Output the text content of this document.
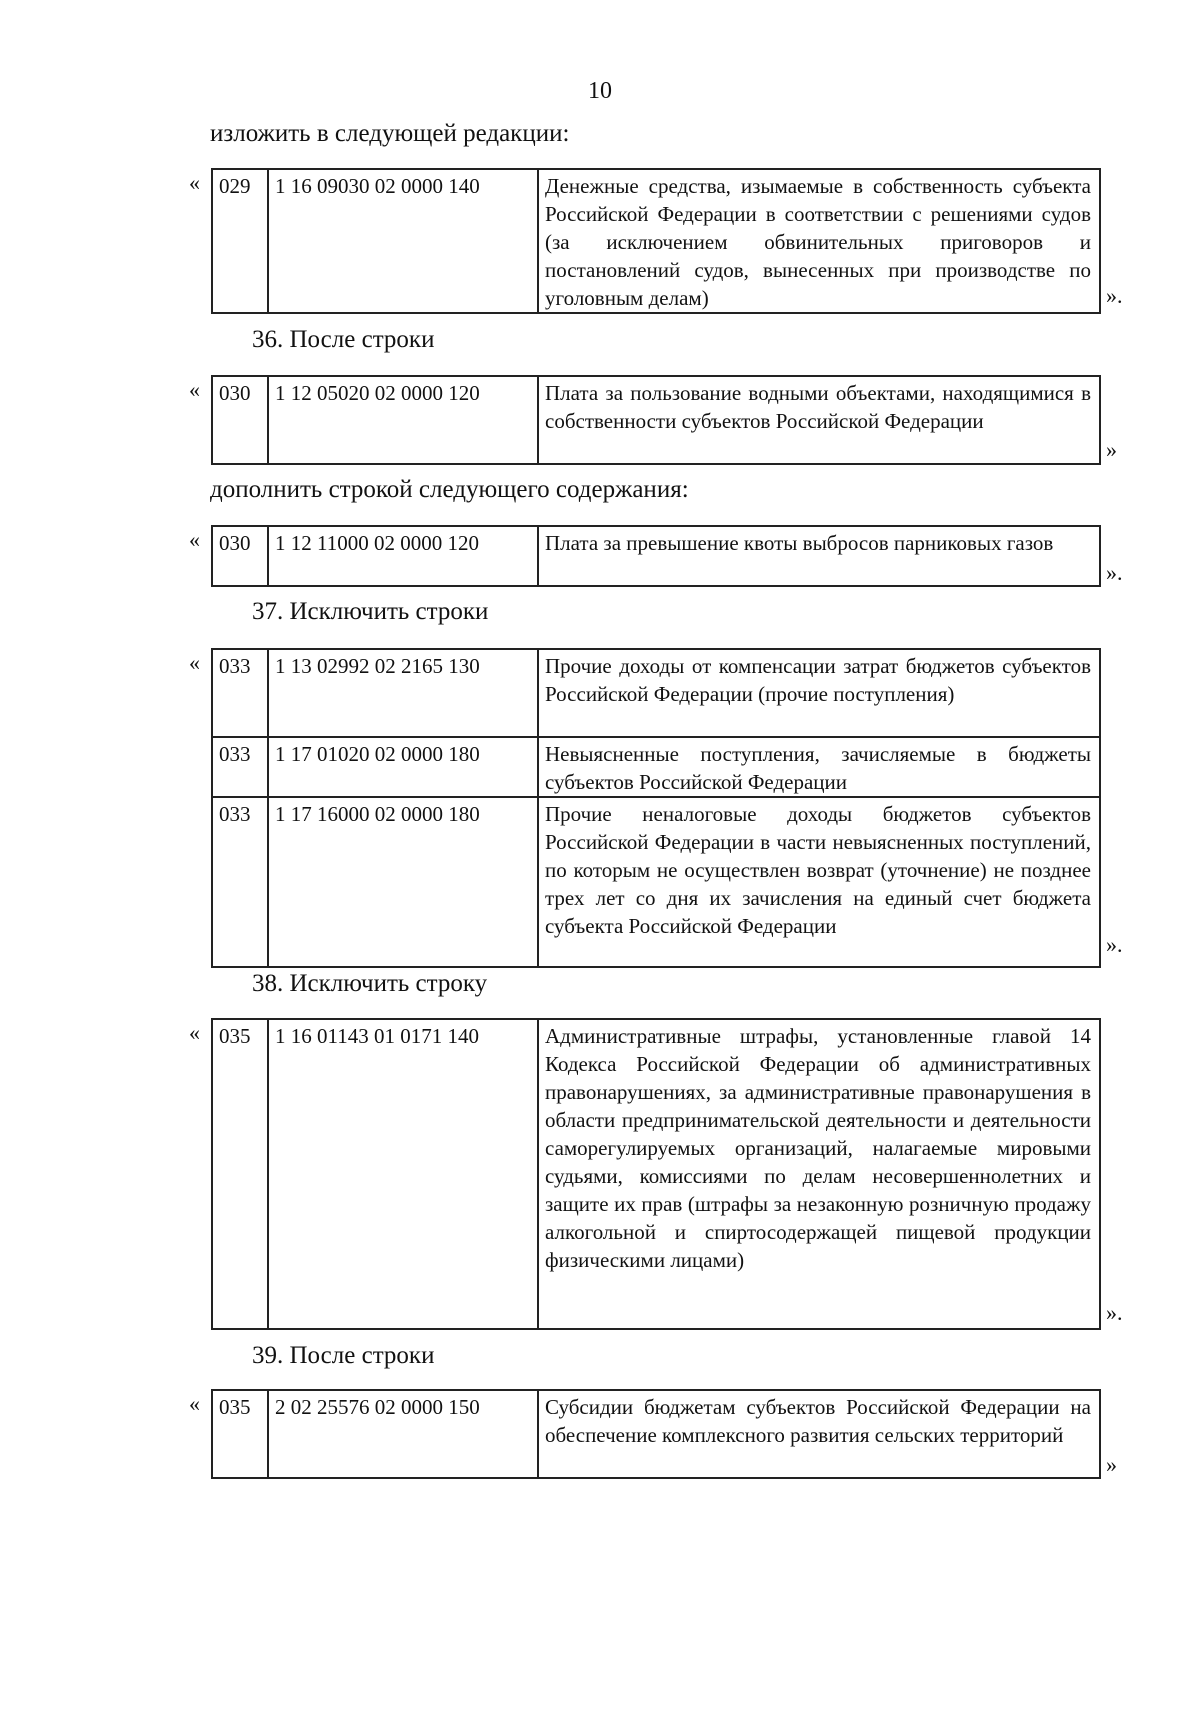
10
изложить в следующей редакции:
« 029	1 16 09030 02 0000 140	Денежные средства, изымаемые в собственность субъекта Российской Федерации в соответствии с решениями судов (за исключением обвинительных приговоров и постановлений судов, вынесенных при производстве по уголовным делам)	».
36. После строки
« 030	1 12 05020 02 0000 120	Плата за пользование водными объектами, находящимися в собственности субъектов Российской Федерации
»
дополнить строкой следующего содержания:
« 030	1 12 11000 02 0000 120	Плата за превышение квоты выбросов парниковых газов
».
37. Исключить строки
« 033	1 13 02992 02 2165 130	Прочие доходы от компенсации затрат бюджетов субъектов Российской Федерации (прочие поступления)
033	1 17 01020 02 0000 180	Невыясненные поступления, зачисляемые в бюджеты субъектов Российской Федерации
033	1 17 16000 02 0000 180	Прочие неналоговые доходы бюджетов субъектов Российской Федерации в части невыясненных поступлений, по которым не осуществлен возврат (уточнение) не позднее трех лет со дня их зачисления на единый счет бюджета субъекта Российской Федерации
».
38. Исключить строку
« 035	1 16 01143 01 0171 140	Административные штрафы, установленные главой 14 Кодекса Российской Федерации об административных правонарушениях, за административные правонарушения в области предпринимательской деятельности и деятельности саморегулируемых организаций, налагаемые мировыми судьями, комиссиями по делам несовершеннолетних и защите их прав (штрафы за незаконную розничную продажу алкогольной и спиртосодержащей пищевой продукции физическими лицами)
».
39. После строки
« 035	2 02 25576 02 0000 150	Субсидии бюджетам субъектов Российской Федерации на обеспечение комплексного развития сельских территорий
»
